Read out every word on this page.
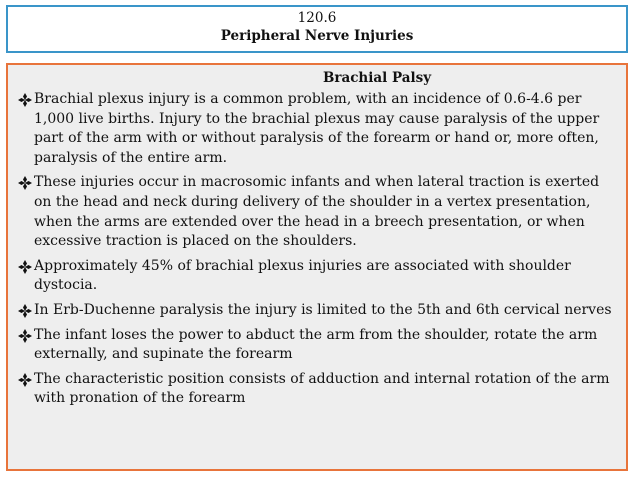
120.6
Peripheral Nerve Injuries
Brachial Palsy
Brachial plexus injury is a common problem, with an incidence of 0.6-4.6 per 1,000 live births. Injury to the brachial plexus may cause paralysis of the upper part of the arm with or without paralysis of the forearm or hand or, more often, paralysis of the entire arm.
These injuries occur in macrosomic infants and when lateral traction is exerted on the head and neck during delivery of the shoulder in a vertex presentation, when the arms are extended over the head in a breech presentation, or when excessive traction is placed on the shoulders.
Approximately 45% of brachial plexus injuries are associated with shoulder dystocia.
In Erb-Duchenne paralysis the injury is limited to the 5th and 6th cervical nerves
The infant loses the power to abduct the arm from the shoulder, rotate the arm externally, and supinate the forearm
The characteristic position consists of adduction and internal rotation of the arm with pronation of the forearm
